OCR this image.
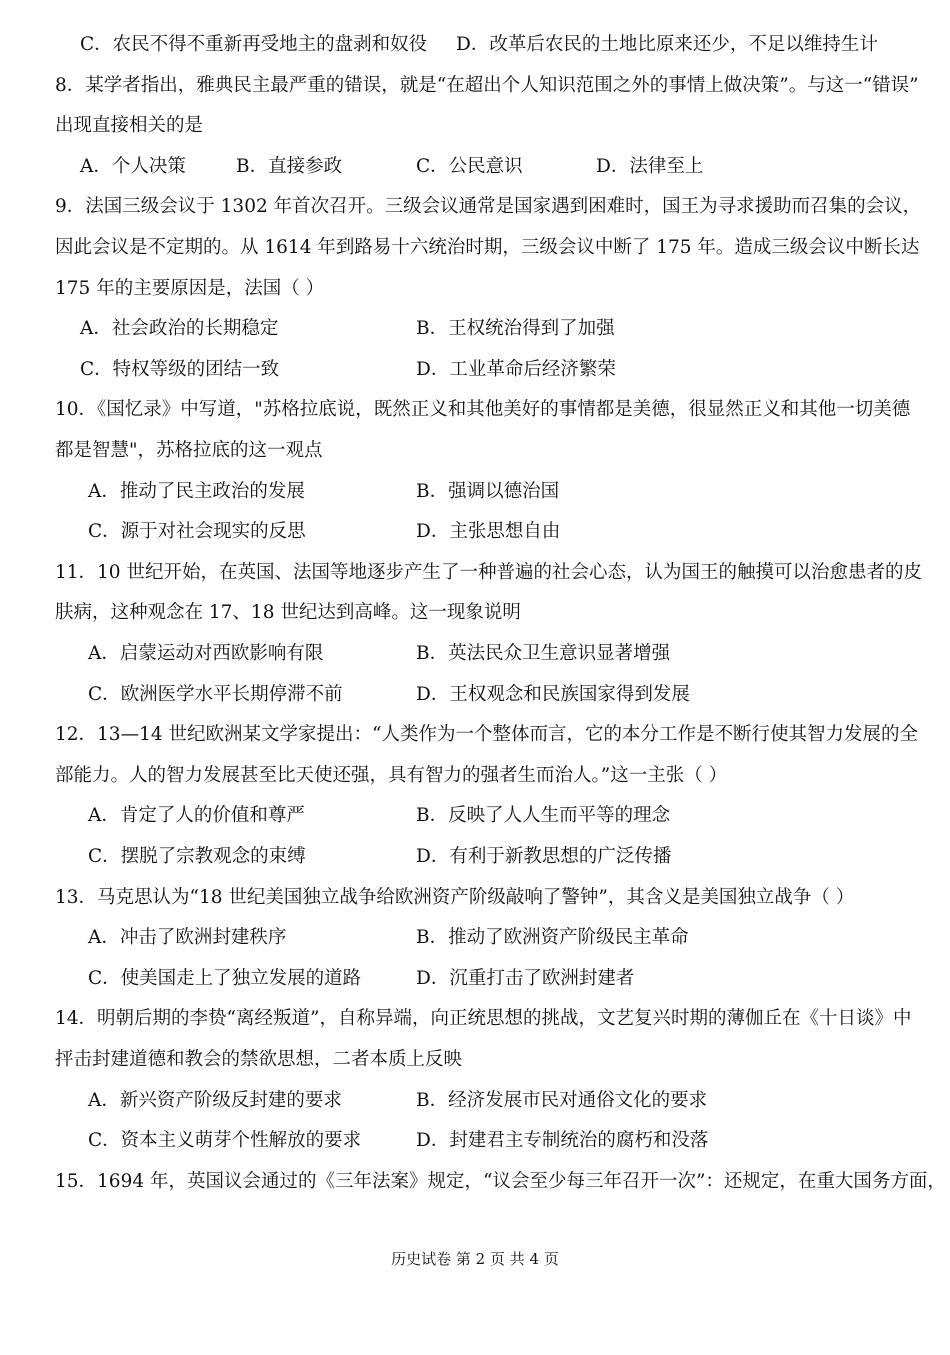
C．农民不得不重新再受地主的盘剥和奴役 D．改革后农民的土地比原来还少，不足以维持生计
8．某学者指出，雅典民主最严重的错误，就是“在超出个人知识范围之外的事情上做决策”。与这一“错误”
出现直接相关的是
A．个人决策	B．直接参政	C．公民意识	D．法律至上
9．法国三级会议于 1302 年首次召开。三级会议通常是国家遇到困难时，国王为寻求援助而召集的会议，
因此会议是不定期的。从 1614 年到路易十六统治时期，三级会议中断了 175 年。造成三级会议中断长达
175 年的主要原因是，法国（ ）
A．社会政治的长期稳定	B．王权统治得到了加强
C．特权等级的团结一致	D．工业革命后经济繁荣
10．《国忆录》中写道，"苏格拉底说，既然正义和其他美好的事情都是美德，很显然正义和其他一切美德
都是智慧"，苏格拉底的这一观点
A．推动了民主政治的发展	B．强调以德治国
C．源于对社会现实的反思	D．主张思想自由
11．10 世纪开始，在英国、法国等地逐步产生了一种普遍的社会心态，认为国王的触摸可以治愈患者的皮
肤病，这种观念在 17、18 世纪达到高峰。这一现象说明
A．启蒙运动对西欧影响有限	B．英法民众卫生意识显著增强
C．欧洲医学水平长期停滞不前	D．王权观念和民族国家得到发展
12．13—14 世纪欧洲某文学家提出：“人类作为一个整体而言，它的本分工作是不断行使其智力发展的全
部能力。人的智力发展甚至比天使还强，具有智力的强者生而治人。”这一主张（ ）
A．肯定了人的价值和尊严	B．反映了人人生而平等的理念
C．摆脱了宗教观念的束缚	D．有利于新教思想的广泛传播
13．马克思认为“18 世纪美国独立战争给欧洲资产阶级敲响了警钟”，其含义是美国独立战争（ ）
A．冲击了欧洲封建秩序	B．推动了欧洲资产阶级民主革命
C．使美国走上了独立发展的道路	D．沉重打击了欧洲封建者
14．明朝后期的李贽“离经叛道”，自称异端，向正统思想的挑战，文艺复兴时期的薄伽丘在《十日谈》中
抨击封建道德和教会的禁欲思想，二者本质上反映
A．新兴资产阶级反封建的要求	B．经济发展市民对通俗文化的要求
C．资本主义萌芽个性解放的要求	D．封建君主专制统治的腐朽和没落
15．1694 年，英国议会通过的《三年法案》规定，“议会至少每三年召开一次”：还规定，在重大国务方面，
历史试卷 第 2 页 共 4 页
